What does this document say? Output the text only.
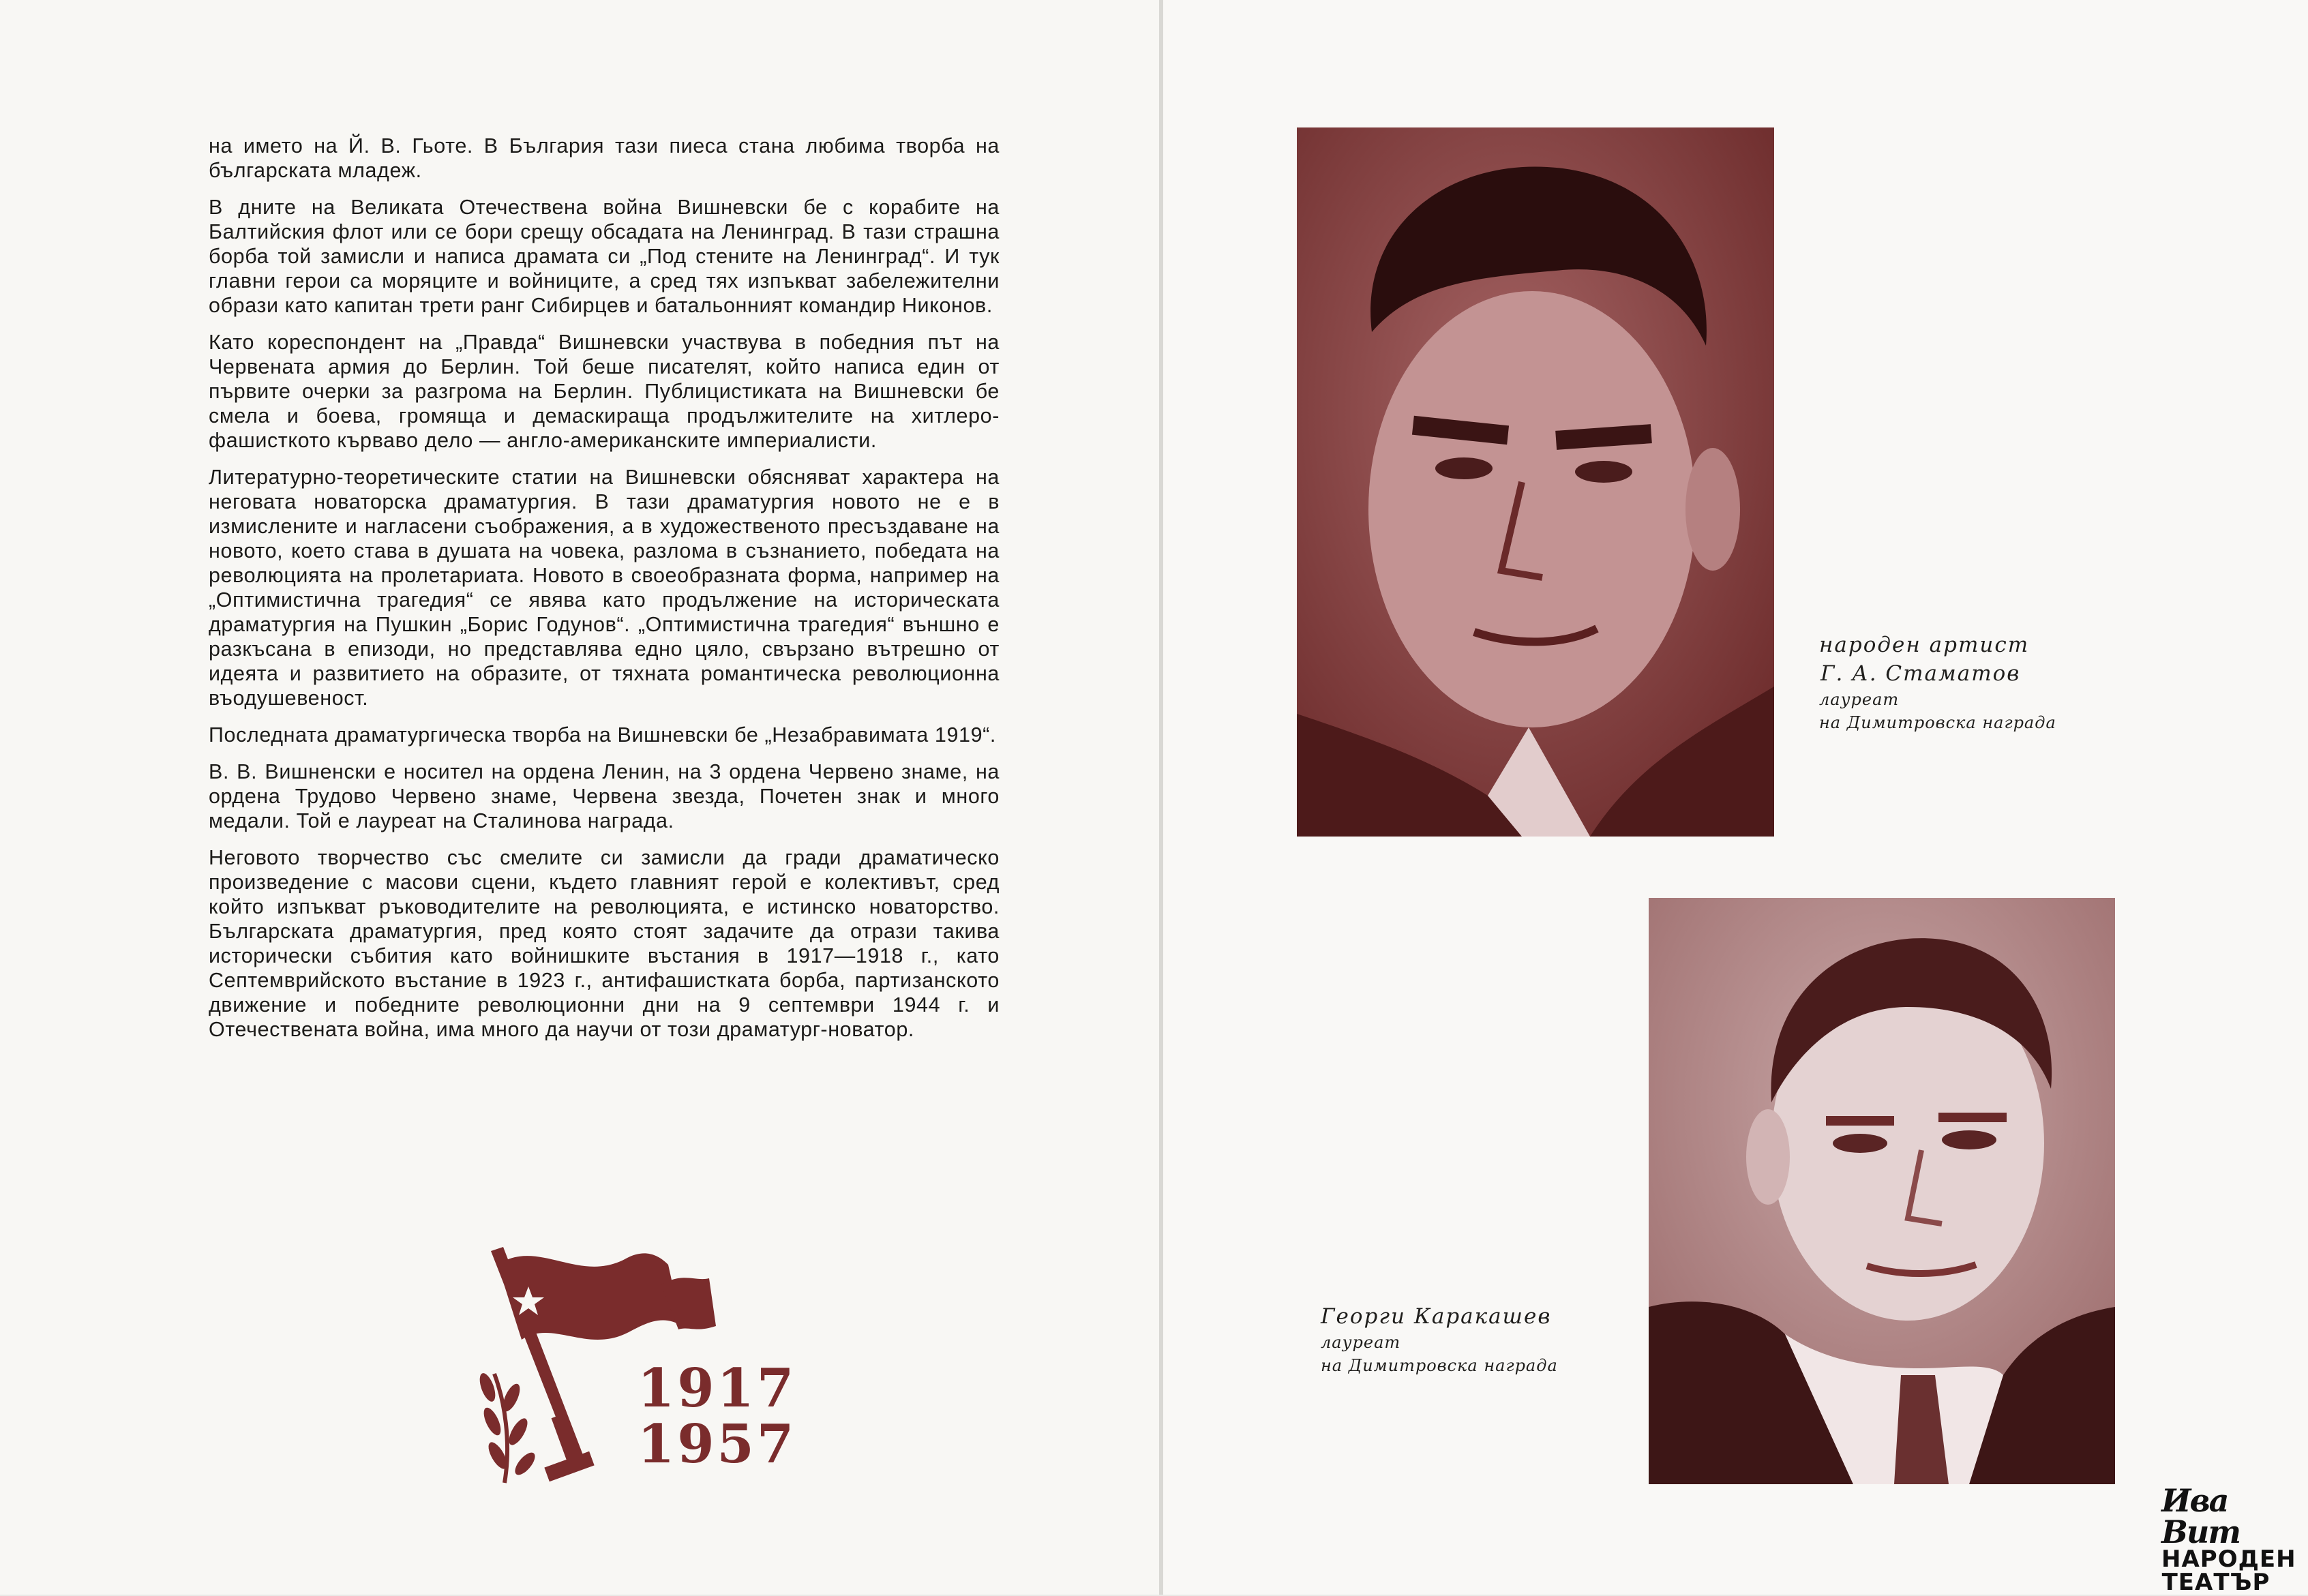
на името на Й. В. Гьоте. В България тази пиеса стана любима творба на българската младеж.

В дните на Великата Отечествена война Вишневски бе с корабите на Балтийския флот или се бори срещу обсадата на Ленинград. В тази страшна борба той замисли и написа драмата си „Под стените на Ленинград“. И тук главни герои са моряците и войниците, а сред тях изпъкват забележителни образи като капитан трети ранг Сибирцев и батальонният командир Никонов.

Като кореспондент на „Правда“ Вишневски участвува в победния път на Червената армия до Берлин. Той беше писателят, който написа един от първите очерки за разгрома на Берлин. Публицистиката на Вишневски бе смела и боева, громяща и демаскираща продължителите на хитлеро-фашисткото кърваво дело — англо-американските империалисти.

Литературно-теоретическите статии на Вишневски обясняват характера на неговата новаторска драматургия. В тази драматургия новото не е в измислените и нагласени съображения, а в художественото пресъздаване на новото, което става в душата на човека, разлома в съзнанието, победата на революцията на пролетариата. Новото в своеобразната форма, например на „Оптимистична трагедия“ се явява като продължение на историческата драматургия на Пушкин „Борис Годунов“. „Оптимистична трагедия“ външно е разкъсана в епизоди, но представлява едно цяло, свързано вътрешно от идеята и развитието на образите, от тяхната романтическа революционна въодушевеност.

Последната драматургическа творба на Вишневски бе „Незабравимата 1919“.

В. В. Вишненски е носител на ордена Ленин, на 3 ордена Червено знаме, на ордена Трудово Червено знаме, Червена звезда, Почетен знак и много медали. Той е лауреат на Сталинова награда.

Неговото творчество със смелите си замисли да гради драматическо произведение с масови сцени, където главният герой е колективът, сред който изпъкват ръководителите на революцията, е истинско новаторство. Българската драматургия, пред която стоят задачите да отрази такива исторически събития като войнишките въстания в 1917—1918 г., като Септемврийското въстание в 1923 г., антифашистката борба, партизанското движение и победните революционни дни на 9 септември 1944 г. и Отечествената война, има много да научи от този драматург-новатор.

1917
1957
народен артист
Г. А. Стаматов
лауреат
на Димитровска награда
Георги Каракашев
лауреат
на Димитровска награда
Ива Вит
НАРОДЕН
ТЕАТЪР
